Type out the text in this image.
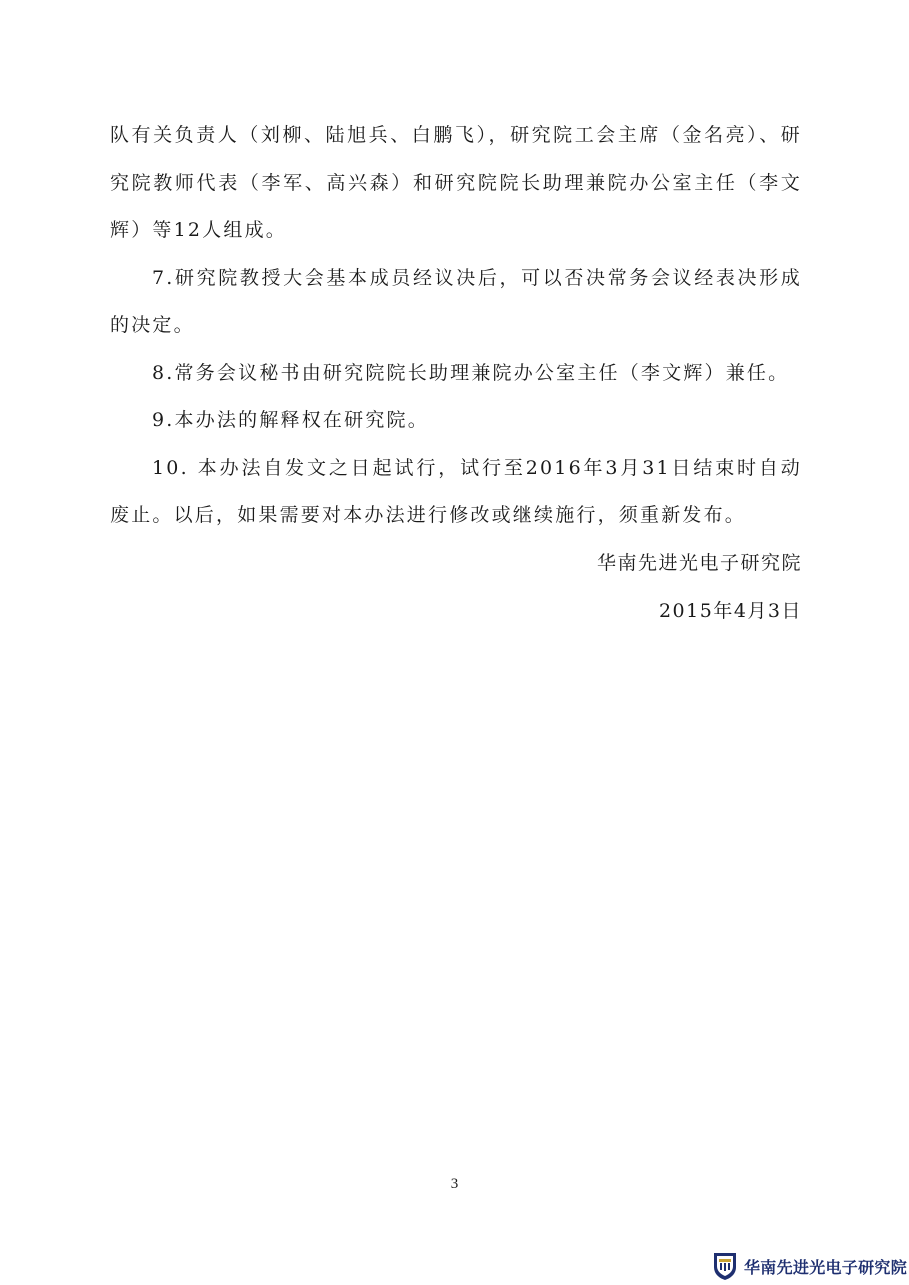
队有关负责人（刘柳、陆旭兵、白鹏飞），研究院工会主席（金名亮）、研究院教师代表（李军、高兴森）和研究院院长助理兼院办公室主任（李文辉）等12人组成。

7.研究院教授大会基本成员经议决后，可以否决常务会议经表决形成的决定。

8.常务会议秘书由研究院院长助理兼院办公室主任（李文辉）兼任。

9.本办法的解释权在研究院。

10. 本办法自发文之日起试行，试行至2016年3月31日结束时自动废止。以后，如果需要对本办法进行修改或继续施行，须重新发布。

华南先进光电子研究院
2015年4月3日
3
华南先进光电子研究院
